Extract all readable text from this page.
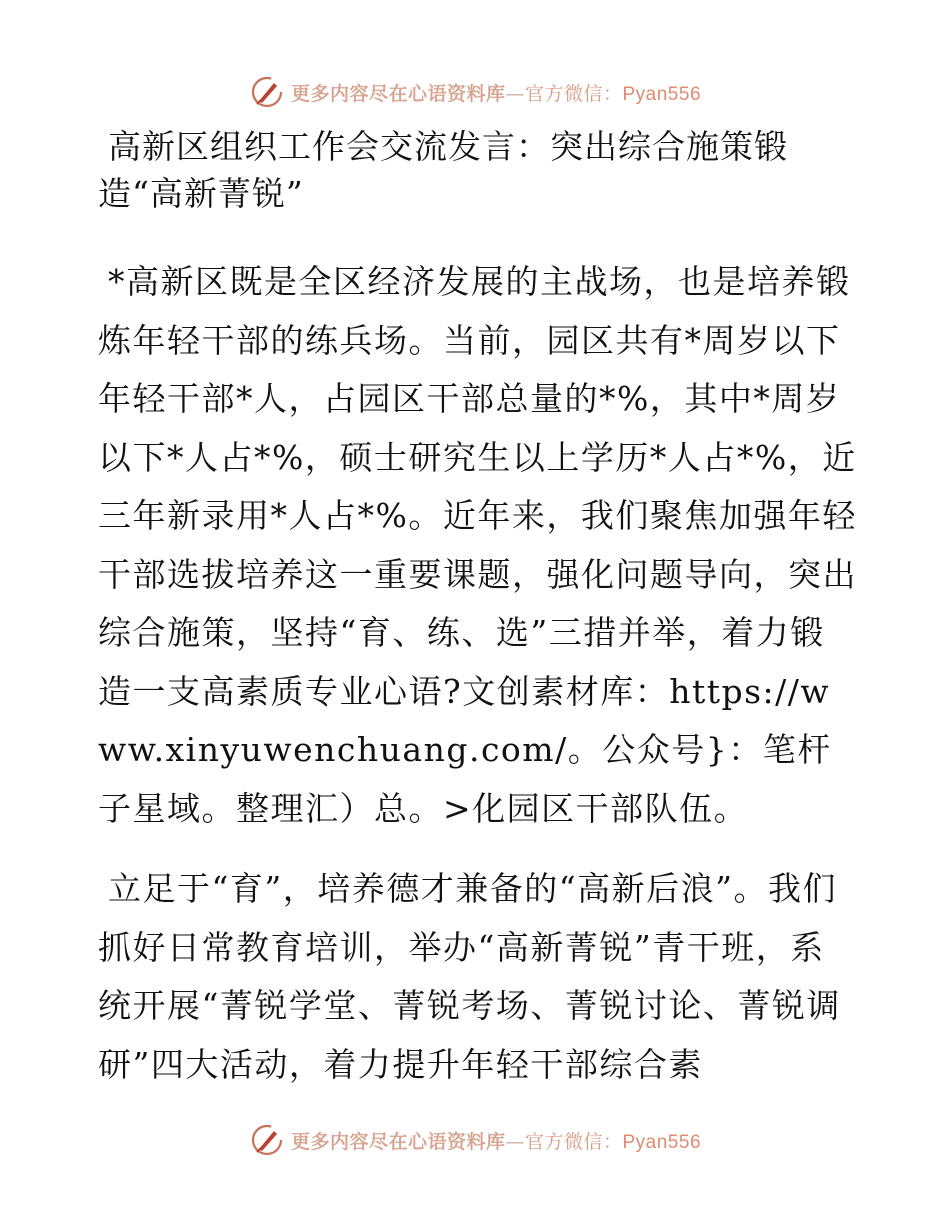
更多内容尽在心语资料库—官方微信：Pyan556
高新区组织工作会交流发言：突出综合施策锻造“高新菁锐”

*高新区既是全区经济发展的主战场，也是培养锻炼年轻干部的练兵场。当前，园区共有*周岁以下年轻干部*人，占园区干部总量的*%，其中*周岁以下*人占*%，硕士研究生以上学历*人占*%，近三年新录用*人占*%。近年来，我们聚焦加强年轻干部选拔培养这一重要课题，强化问题导向，突出综合施策，坚持“育、练、选”三措并举，着力锻造一支高素质专业心语?文创素材库：https://www.xinyuwenchuang.com/。公众号}：笔杆子星域。整理汇）总。>化园区干部队伍。

立足于“育”，培养德才兼备的“高新后浪”。我们抓好日常教育培训，举办“高新菁锐”青干班，系统开展“菁锐学堂、菁锐考场、菁锐讨论、菁锐调研”四大活动，着力提升年轻干部综合素

更多内容尽在心语资料库—官方微信：Pyan556
